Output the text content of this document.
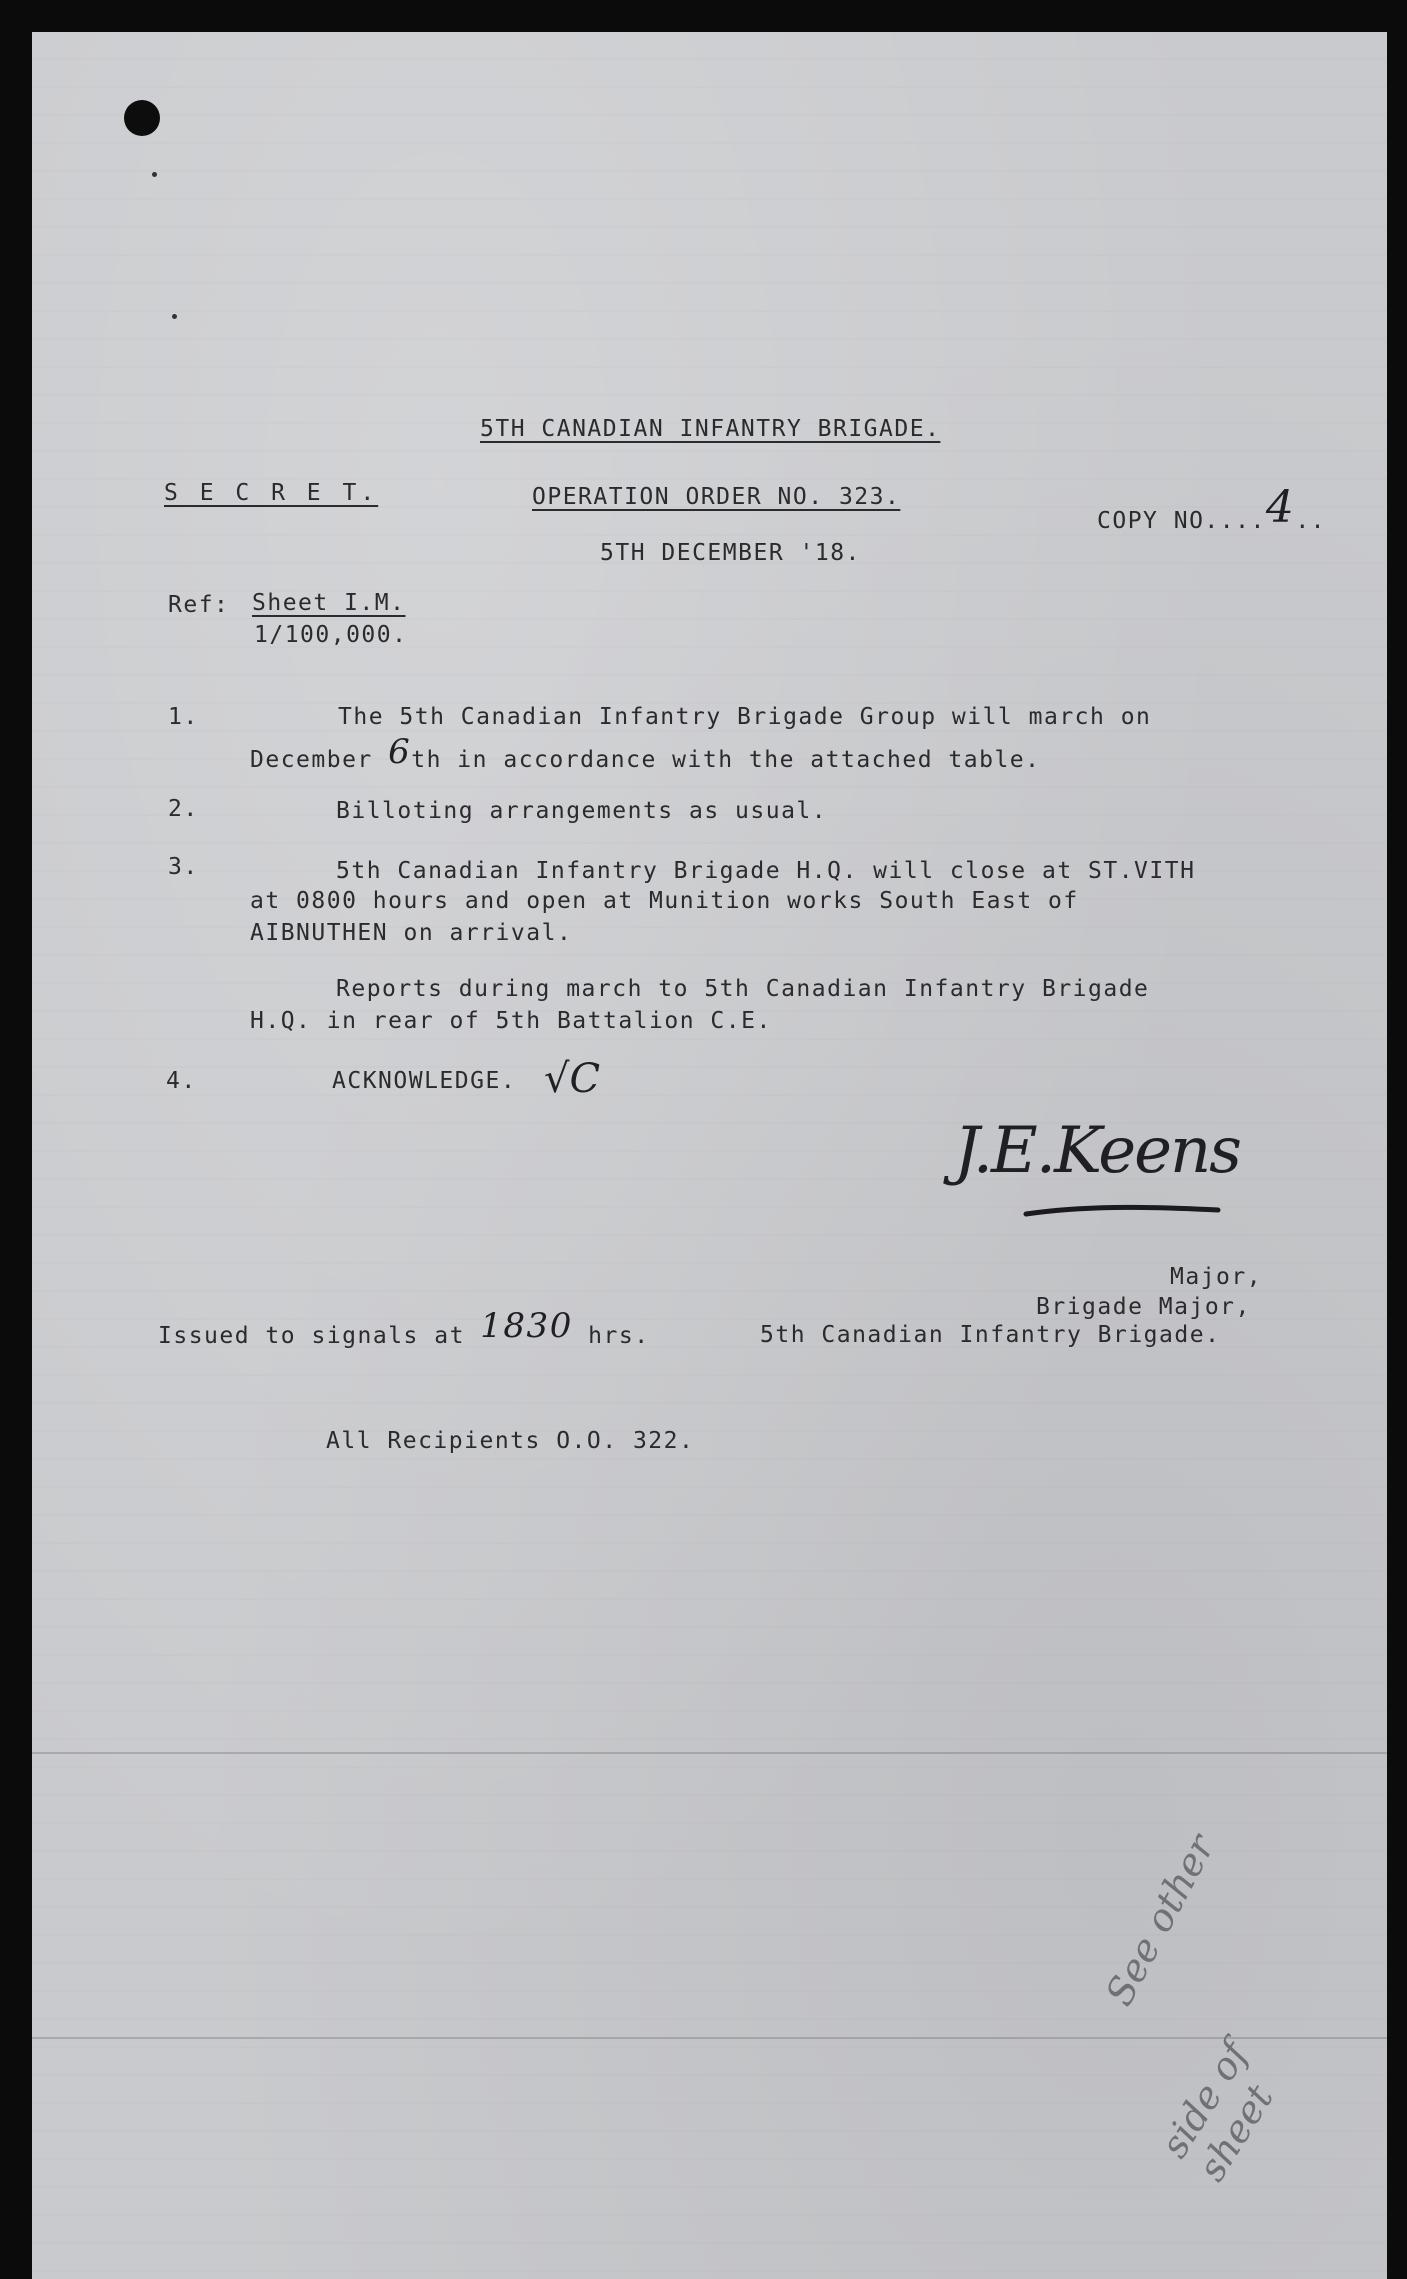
5TH CANADIAN INFANTRY BRIGADE.
S E C R E T.	OPERATION ORDER NO. 323.
COPY NO....4..
5TH DECEMBER '18.
Ref: Sheet I.M.
1/100,000.
1.	The 5th Canadian Infantry Brigade Group will march on
December 6th in accordance with the attached table.
2.	Billoting arrangements as usual.
3.	5th Canadian Infantry Brigade H.Q. will close at ST.VITH
at 0800 hours and open at Munition works South East of
AIBNUTHEN on arrival.
Reports during march to 5th Canadian Infantry Brigade
H.Q. in rear of 5th Battalion C.E.
4.	ACKNOWLEDGE. √C
J.E.Keens
Major,
Brigade Major,
5th Canadian Infantry Brigade.
Issued to signals at 1830 hrs.
All Recipients O.O. 322.
See other
side of sheet
